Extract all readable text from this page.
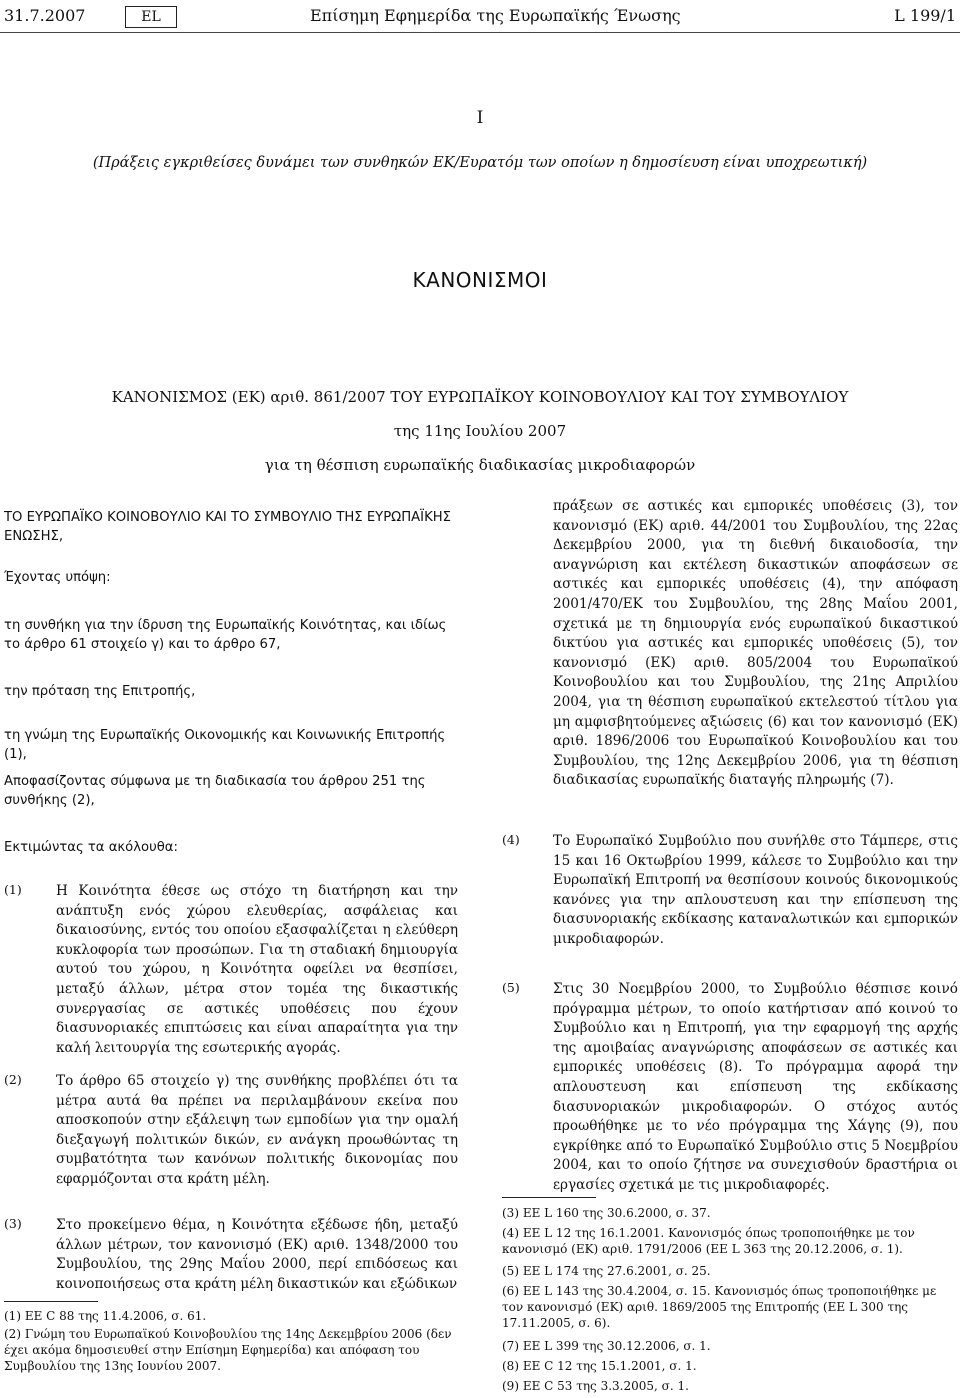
31.7.2007	EL	Επίσημη Εφημερίδα της Ευρωπαϊκής Ένωσης	L 199/1
I
(Πράξεις εγκριθείσες δυνάμει των συνθηκών ΕΚ/Ευρατόμ των οποίων η δημοσίευση είναι υποχρεωτική)
ΚΑΝΟΝΙΣΜΟΙ
ΚΑΝΟΝΙΣΜΟΣ (ΕΚ) αριθ. 861/2007 ΤΟΥ ΕΥΡΩΠΑΪΚΟΥ ΚΟΙΝΟΒΟΥΛΙΟΥ ΚΑΙ ΤΟΥ ΣΥΜΒΟΥΛΙΟΥ
της 11ης Ιουλίου 2007
για τη θέσπιση ευρωπαϊκής διαδικασίας μικροδιαφορών
ΤΟ ΕΥΡΩΠΑΪΚΟ ΚΟΙΝΟΒΟΥΛΙΟ ΚΑΙ ΤΟ ΣΥΜΒΟΥΛΙΟ ΤΗΣ ΕΥΡΩΠΑΪΚΗΣ ΕΝΩΣΗΣ,
Έχοντας υπόψη:
τη συνθήκη για την ίδρυση της Ευρωπαϊκής Κοινότητας, και ιδίως το άρθρο 61 στοιχείο γ) και το άρθρο 67,
την πρόταση της Επιτροπής,
τη γνώμη της Ευρωπαϊκής Οικονομικής και Κοινωνικής Επιτροπής (1),
Αποφασίζοντας σύμφωνα με τη διαδικασία του άρθρου 251 της συνθήκης (2),
Εκτιμώντας τα ακόλουθα:
(1)	Η Κοινότητα έθεσε ως στόχο τη διατήρηση και την ανάπτυξη ενός χώρου ελευθερίας, ασφάλειας και δικαιοσύνης, εντός του οποίου εξασφαλίζεται η ελεύθερη κυκλοφορία των προσώπων. Για τη σταδιακή δημιουργία αυτού του χώρου, η Κοινότητα οφείλει να θεσπίσει, μεταξύ άλλων, μέτρα στον τομέα της δικαστικής συνεργασίας σε αστικές υποθέσεις που έχουν διασυνοριακές επιπτώσεις και είναι απαραίτητα για την καλή λειτουργία της εσωτερικής αγοράς.
(2)	Το άρθρο 65 στοιχείο γ) της συνθήκης προβλέπει ότι τα μέτρα αυτά θα πρέπει να περιλαμβάνουν εκείνα που αποσκοπούν στην εξάλειψη των εμποδίων για την ομαλή διεξαγωγή πολιτικών δικών, εν ανάγκη προωθώντας τη συμβατότητα των κανόνων πολιτικής δικονομίας που εφαρμόζονται στα κράτη μέλη.
(3)	Στο προκείμενο θέμα, η Κοινότητα εξέδωσε ήδη, μεταξύ άλλων μέτρων, τον κανονισμό (ΕΚ) αριθ. 1348/2000 του Συμβουλίου, της 29ης Μαΐου 2000, περί επιδόσεως και κοινοποιήσεως στα κράτη μέλη δικαστικών και εξώδικων
(1) ΕΕ C 88 της 11.4.2006, σ. 61.
(2) Γνώμη του Ευρωπαϊκού Κοινοβουλίου της 14ης Δεκεμβρίου 2006 (δεν έχει ακόμα δημοσιευθεί στην Επίσημη Εφημερίδα) και απόφαση του Συμβουλίου της 13ης Ιουνίου 2007.
πράξεων σε αστικές και εμπορικές υποθέσεις (3), τον κανονισμό (ΕΚ) αριθ. 44/2001 του Συμβουλίου, της 22ας Δεκεμβρίου 2000, για τη διεθνή δικαιοδοσία, την αναγνώριση και εκτέλεση δικαστικών αποφάσεων σε αστικές και εμπορικές υποθέσεις (4), την απόφαση 2001/470/ΕΚ του Συμβουλίου, της 28ης Μαΐου 2001, σχετικά με τη δημιουργία ενός ευρωπαϊκού δικαστικού δικτύου για αστικές και εμπορικές υποθέσεις (5), τον κανονισμό (ΕΚ) αριθ. 805/2004 του Ευρωπαϊκού Κοινοβουλίου και του Συμβουλίου, της 21ης Απριλίου 2004, για τη θέσπιση ευρωπαϊκού εκτελεστού τίτλου για μη αμφισβητούμενες αξιώσεις (6) και τον κανονισμό (ΕΚ) αριθ. 1896/2006 του Ευρωπαϊκού Κοινοβουλίου και του Συμβουλίου, της 12ης Δεκεμβρίου 2006, για τη θέσπιση διαδικασίας ευρωπαϊκής διαταγής πληρωμής (7).
(4) Το Ευρωπαϊκό Συμβούλιο που συνήλθε στο Τάμπερε, στις 15 και 16 Οκτωβρίου 1999, κάλεσε το Συμβούλιο και την Ευρωπαϊκή Επιτροπή να θεσπίσουν κοινούς δικονομικούς κανόνες για την απλουστευση και την επίσπευση της διασυνοριακής εκδίκασης καταναλωτικών και εμπορικών μικροδιαφορών.
(5) Στις 30 Νοεμβρίου 2000, το Συμβούλιο θέσπισε κοινό πρόγραμμα μέτρων, το οποίο κατήρτισαν από κοινού το Συμβούλιο και η Επιτροπή, για την εφαρμογή της αρχής της αμοιβαίας αναγνώρισης αποφάσεων σε αστικές και εμπορικές υποθέσεις (8). Το πρόγραμμα αφορά την απλουστευση και επίσπευση της εκδίκασης διασυνοριακών μικροδιαφορών. Ο στόχος αυτός προωθήθηκε με το νέο πρόγραμμα της Χάγης (9), που εγκρίθηκε από το Ευρωπαϊκό Συμβούλιο στις 5 Νοεμβρίου 2004, και το οποίο ζήτησε να συνεχισθούν δραστήρια οι εργασίες σχετικά με τις μικροδιαφορές.
(3) ΕΕ L 160 της 30.6.2000, σ. 37.
(4) ΕΕ L 12 της 16.1.2001. Κανονισμός όπως τροποποιήθηκε με τον κανονισμό (ΕΚ) αριθ. 1791/2006 (ΕΕ L 363 της 20.12.2006, σ. 1).
(5) ΕΕ L 174 της 27.6.2001, σ. 25.
(6) ΕΕ L 143 της 30.4.2004, σ. 15. Κανονισμός όπως τροποποιήθηκε με τον κανονισμό (ΕΚ) αριθ. 1869/2005 της Επιτροπής (ΕΕ L 300 της 17.11.2005, σ. 6).
(7) ΕΕ L 399 της 30.12.2006, σ. 1.
(8) ΕΕ C 12 της 15.1.2001, σ. 1.
(9) ΕΕ C 53 της 3.3.2005, σ. 1.
